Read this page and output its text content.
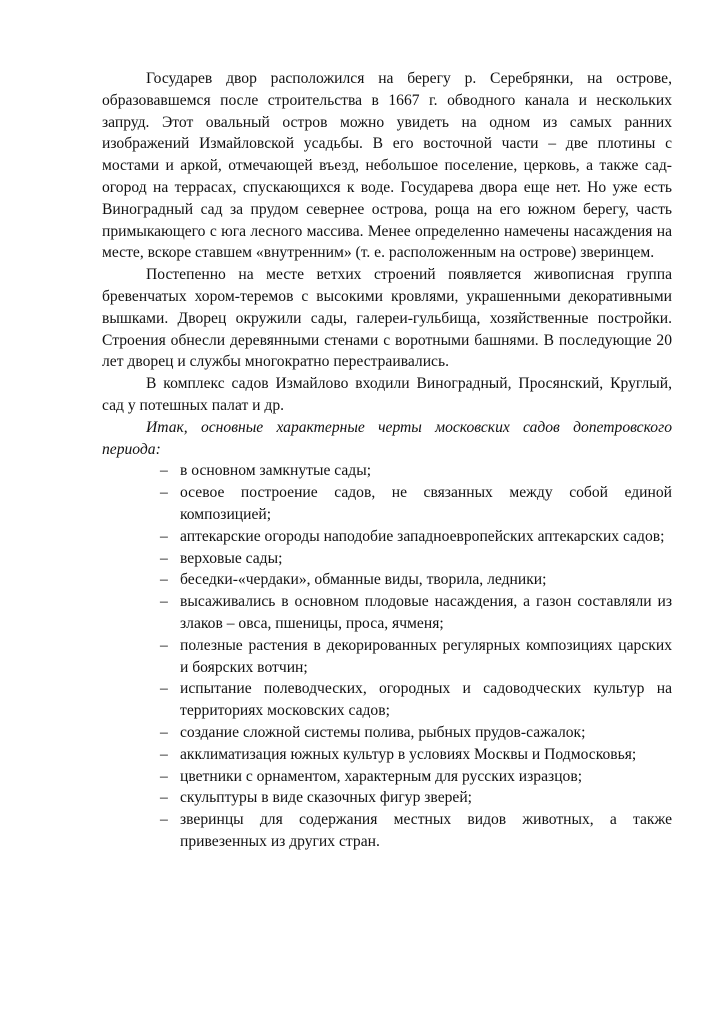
Государев двор расположился на берегу р. Серебрянки, на острове, образовавшемся после строительства в 1667 г. обводного канала и нескольких запруд. Этот овальный остров можно увидеть на одном из самых ранних изображений Измайловской усадьбы. В его восточной части – две плотины с мостами и аркой, отмечающей въезд, небольшое поселение, церковь, а также сад-огород на террасах, спускающихся к воде. Государева двора еще нет. Но уже есть Виноградный сад за прудом севернее острова, роща на его южном берегу, часть примыкающего с юга лесного массива. Менее определенно намечены насаждения на месте, вскоре ставшем «внутренним» (т. е. расположенным на острове) зверинцем.

Постепенно на месте ветхих строений появляется живописная группа бревенчатых хором-теремов с высокими кровлями, украшенными декоративными вышками. Дворец окружили сады, галереи-гульбища, хозяйственные постройки. Строения обнесли деревянными стенами с воротными башнями. В последующие 20 лет дворец и службы многократно перестраивались.

В комплекс садов Измайлово входили Виноградный, Просянский, Круглый, сад у потешных палат и др.

Итак, основные характерные черты московских садов допетровского периода:

– в основном замкнутые сады;
– осевое построение садов, не связанных между собой единой композицией;
– аптекарские огороды наподобие западноевропейских аптекарских садов;
– верховые сады;
– беседки-«чердаки», обманные виды, творила, ледники;
– высаживались в основном плодовые насаждения, а газон составляли из злаков – овса, пшеницы, проса, ячменя;
– полезные растения в декорированных регулярных композициях царских и боярских вотчин;
– испытание полеводческих, огородных и садоводческих культур на территориях московских садов;
– создание сложной системы полива, рыбных прудов-сажалок;
– акклиматизация южных культур в условиях Москвы и Подмосковья;
– цветники с орнаментом, характерным для русских изразцов;
– скульптуры в виде сказочных фигур зверей;
– зверинцы для содержания местных видов животных, а также привезенных из других стран.
